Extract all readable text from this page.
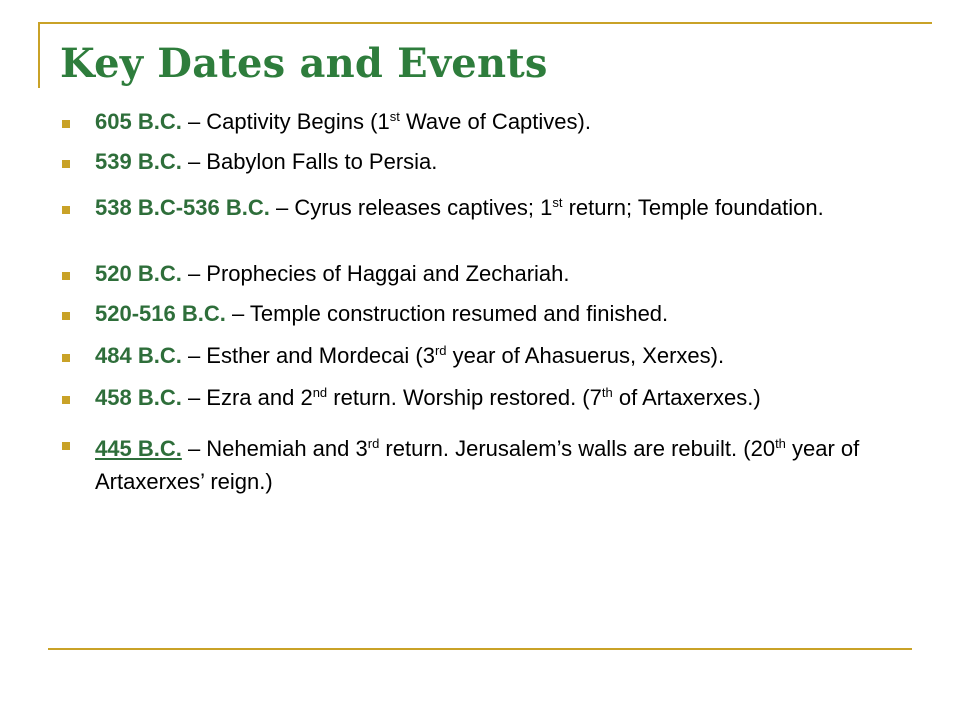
Key Dates and Events
605 B.C. – Captivity Begins (1st Wave of Captives).
539 B.C. – Babylon Falls to Persia.
538 B.C-536 B.C. – Cyrus releases captives; 1st return; Temple foundation.
520 B.C. – Prophecies of Haggai and Zechariah.
520-516 B.C. – Temple construction resumed and finished.
484 B.C. – Esther and Mordecai (3rd year of Ahasuerus, Xerxes).
458 B.C. – Ezra and 2nd return. Worship restored. (7th of Artaxerxes.)
445 B.C. – Nehemiah and 3rd return. Jerusalem’s walls are rebuilt. (20th year of Artaxerxes’ reign.)
